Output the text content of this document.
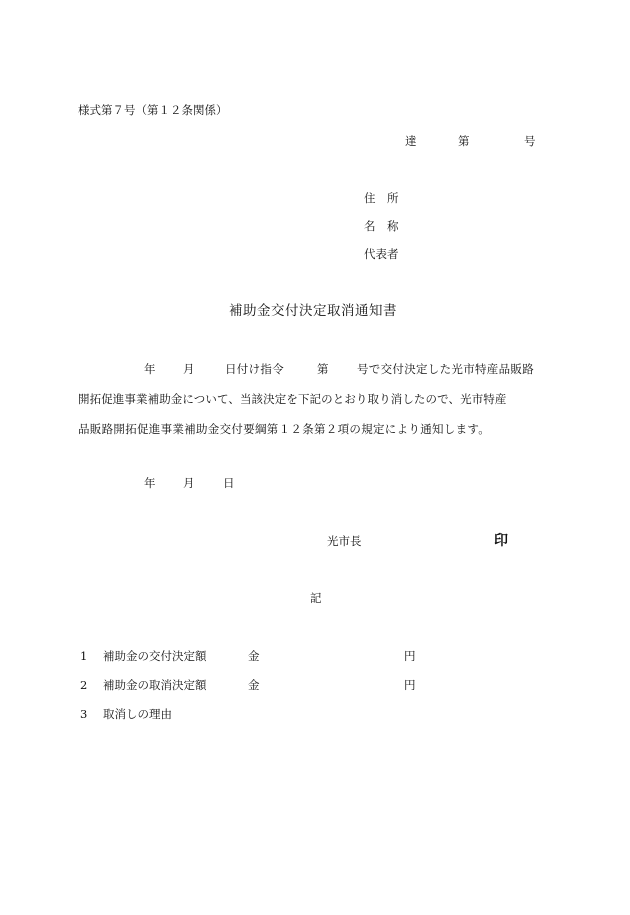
様式第７号（第１２条関係）
達	第	号
住　所
名　称
代表者
補助金交付決定取消通知書
年 月	日付け指令	第 号で交付決定した光市特産品販路
開拓促進事業補助金について、当該決定を下記のとおり取り消したので、光市特産
品販路開拓促進事業補助金交付要綱第１２条第２項の規定により通知します。
年 月 日
光市長	印
記
1 補助金の交付決定額	金	円
2 補助金の取消決定額	金	円
3 取消しの理由
